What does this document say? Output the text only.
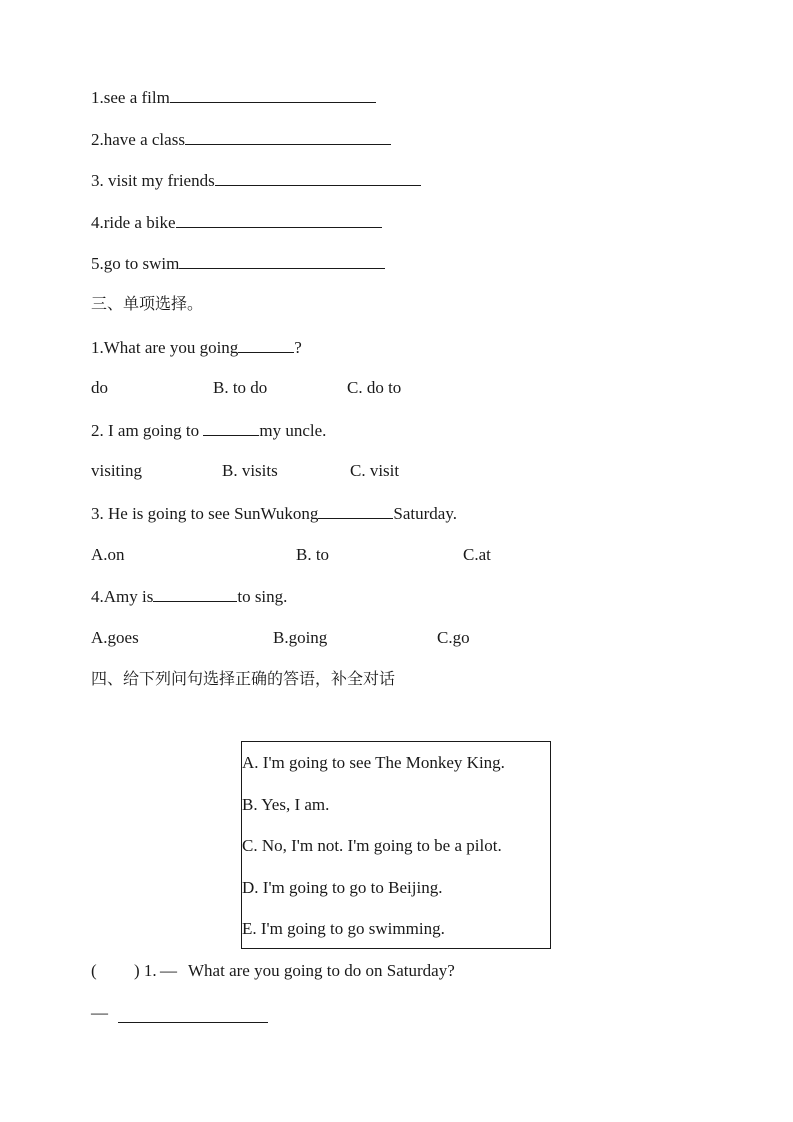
1.see a film
2.have a class
3. visit my friends
4.ride a bike
5.go to swim
三、单项选择。
1.What are you going	?
do	B. to do	C. do to
2. I am going to	my uncle.
visiting	B. visits	C. visit
3. He is going to see SunWukong	Saturday.
A.on	B. to	C.at
4.Amy is	to sing.
A.goes	B.going	C.go
四、给下列问句选择正确的答语，补全对话
A. I'm going to see The Monkey King.
B. Yes, I am.
C. No, I'm not. I'm going to be a pilot.
D. I'm going to go to Beijing.
E. I'm going to go swimming.
( ) 1. — What are you going to do on Saturday?
—
